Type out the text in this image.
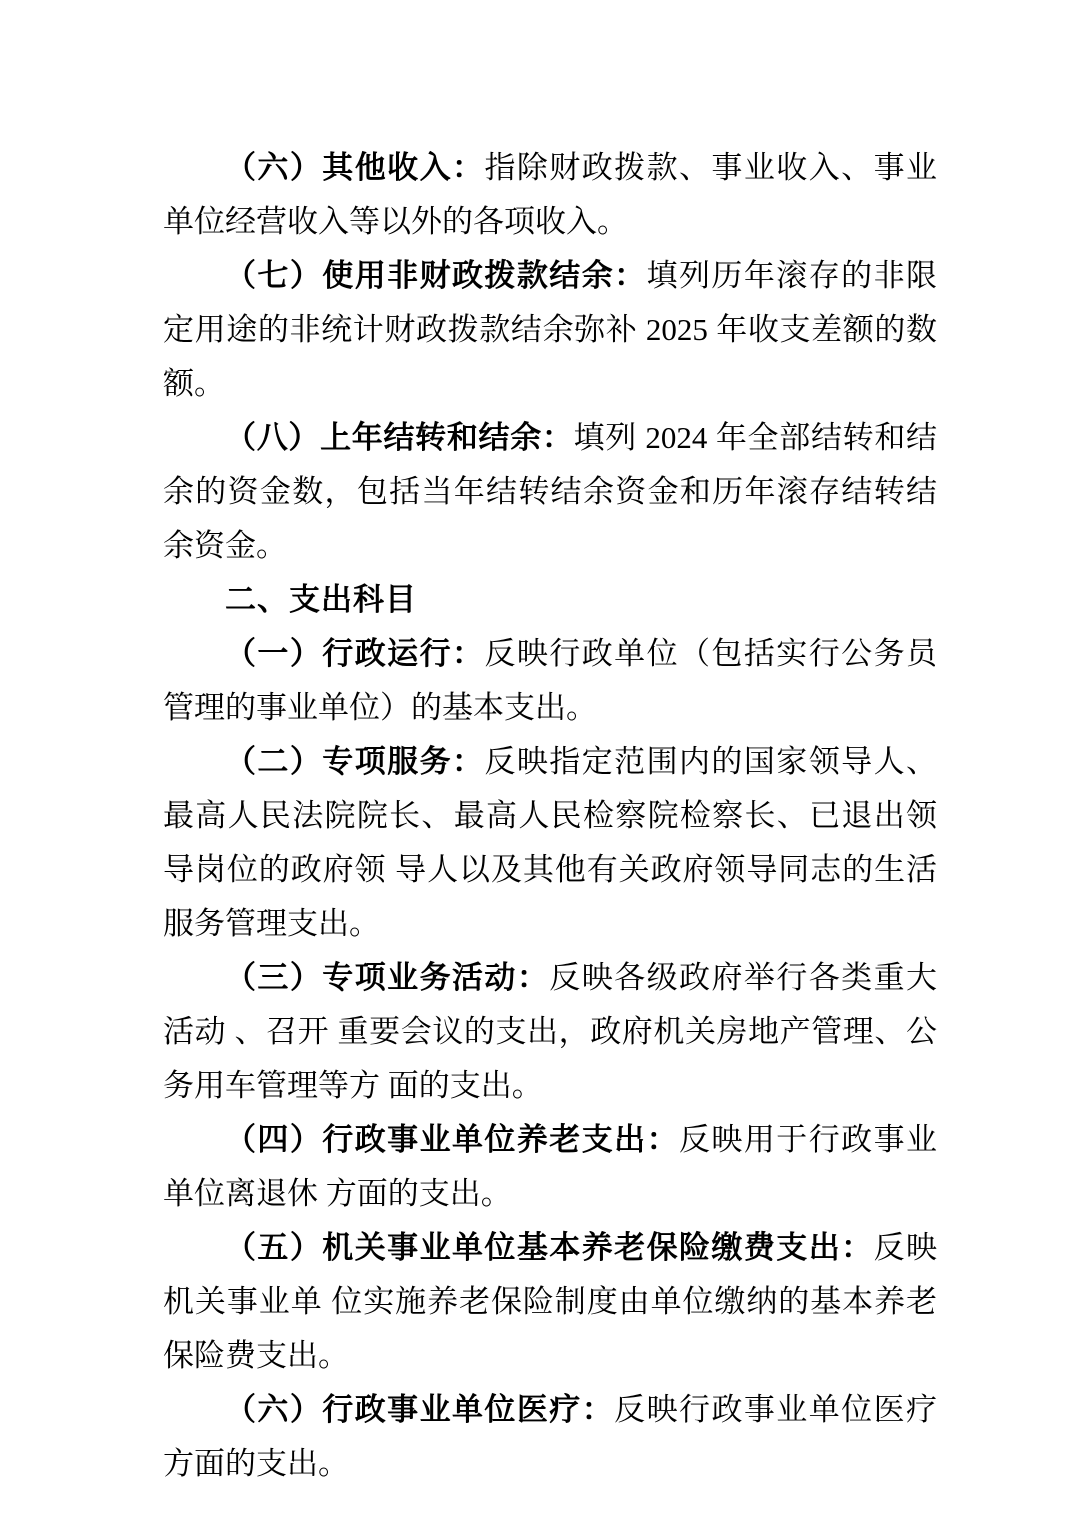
（六）其他收入：指除财政拨款、事业收入、事业单位经营收入等以外的各项收入。

（七）使用非财政拨款结余：填列历年滚存的非限定用途的非统计财政拨款结余弥补 2025 年收支差额的数额。

（八）上年结转和结余：填列 2024 年全部结转和结余的资金数，包括当年结转结余资金和历年滚存结转结余资金。

二、支出科目

（一）行政运行：反映行政单位（包括实行公务员管理的事业单位）的基本支出。

（二）专项服务：反映指定范围内的国家领导人、最高人民法院院长、最高人民检察院检察长、已退出领导岗位的政府领 导人以及其他有关政府领导同志的生活服务管理支出。

（三）专项业务活动：反映各级政府举行各类重大活动 、召开 重要会议的支出，政府机关房地产管理、公务用车管理等方 面的支出。

（四）行政事业单位养老支出：反映用于行政事业单位离退休 方面的支出。

（五）机关事业单位基本养老保险缴费支出：反映机关事业单 位实施养老保险制度由单位缴纳的基本养老保险费支出。

（六）行政事业单位医疗：反映行政事业单位医疗方面的支出。
